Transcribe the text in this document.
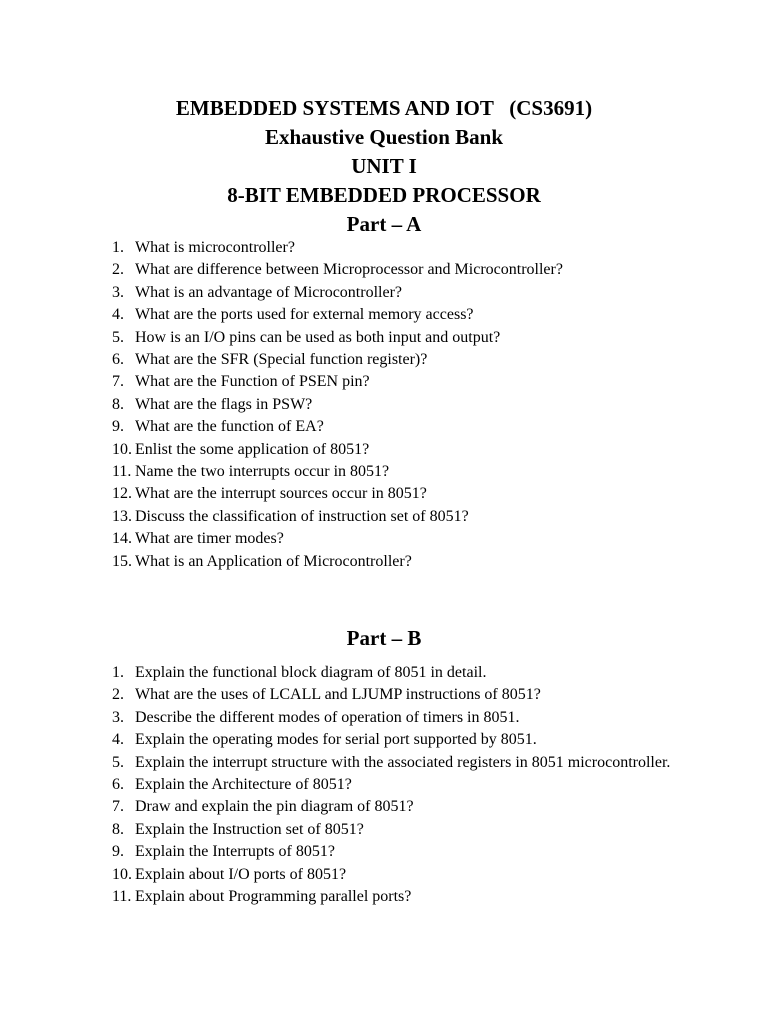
EMBEDDED SYSTEMS AND IOT   (CS3691)
Exhaustive Question Bank
UNIT I
8-BIT EMBEDDED PROCESSOR
Part – A
1. What is microcontroller?
2. What are difference between Microprocessor and Microcontroller?
3. What is an advantage of Microcontroller?
4. What are the ports used for external memory access?
5. How is an I/O pins can be used as both input and output?
6. What are the SFR (Special function register)?
7. What are the Function of PSEN pin?
8. What are the flags in PSW?
9. What are the function of EA?
10. Enlist the some application of 8051?
11. Name the two interrupts occur in 8051?
12. What are the interrupt sources occur in 8051?
13. Discuss the classification of instruction set of 8051?
14. What are timer modes?
15. What is an Application of Microcontroller?
Part – B
1. Explain the functional block diagram of 8051 in detail.
2. What are the uses of LCALL and LJUMP instructions of 8051?
3. Describe the different modes of operation of timers in 8051.
4. Explain the operating modes for serial port supported by 8051.
5. Explain the interrupt structure with the associated registers in 8051 microcontroller.
6. Explain the Architecture of 8051?
7. Draw and explain the pin diagram of 8051?
8. Explain the Instruction set of 8051?
9. Explain the Interrupts of 8051?
10. Explain about I/O ports of 8051?
11. Explain about Programming parallel ports?
